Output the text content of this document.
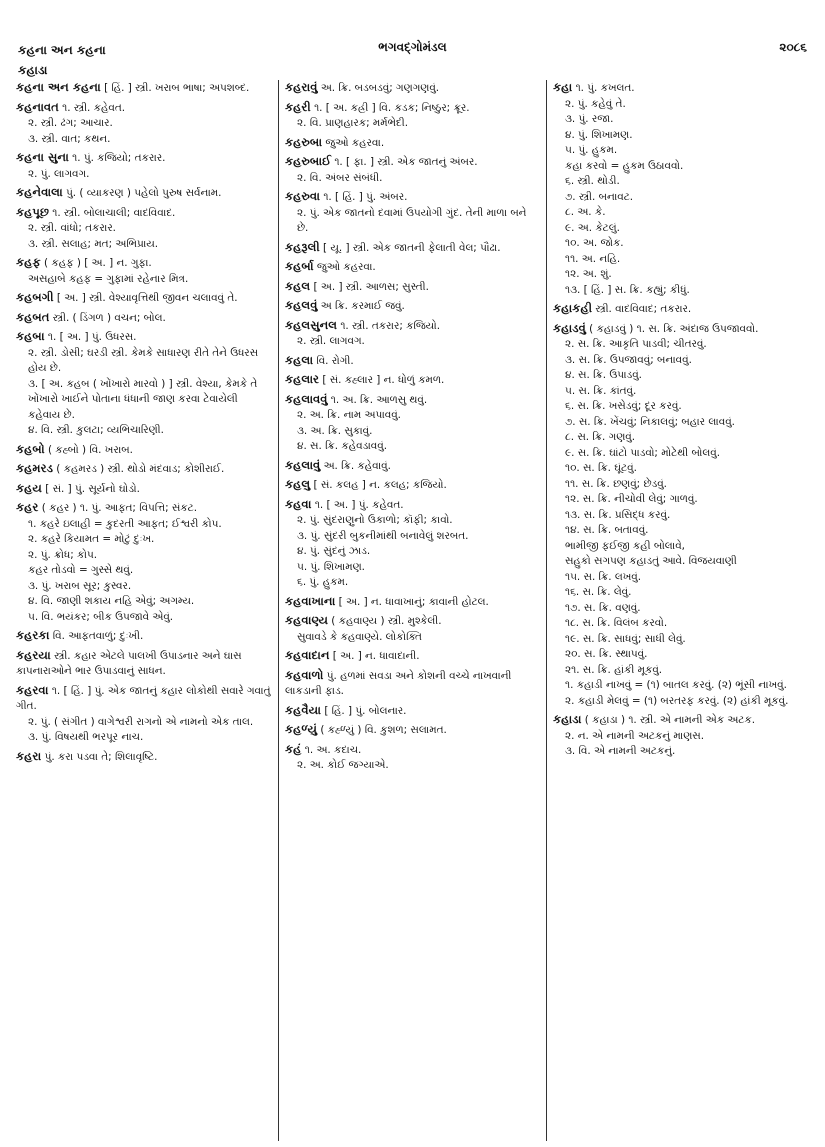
કહના અન કહના
કહાડા
ભગવદ્ગોમંડલ	૨૦૮૬
કહના અન કહના [ હિં. ] સ્ત્રી. ખરાબ ભાષા; અપશબ્દ.
કહનાવત ૧. સ્ત્રી. કહેવત.
૨. સ્ત્રી. ઢંગ; આચાર.
૩. સ્ત્રી. વાત; કથન.
કહના સુના ૧. પું. કજિયો; તકરાર.
૨. પું. લાગવગ.
કહનેવાલા પું. ( વ્યાકરણ ) પહેલો પુરુષ સર્વનામ.
કહપૂછ ૧. સ્ત્રી. બોલાચાલી; વાદવિવાદ.
૨. સ્ત્રી. વાંધો; તકરાર.
૩. સ્ત્રી. સલાહ; મત; અભિપ્રાય.
કહફ ( કહફ ) [ અ. ] ન. ગુફા.
અસહાબે કહફ = ગુફામાં રહેનાર મિત્ર.
કહબગી [ અ. ] સ્ત્રી. વેશ્યાવૃત્તિથી જીવન ચલાવવું તે.
કહબત સ્ત્રી. ( ડિંગળ ) વચન; બોલ.
કહબા ૧. [ અ. ] પું. ઉધરસ.
૨. સ્ત્રી. ડોસી; ઘરડી સ્ત્રી. કેમકે સાધારણ રીતે તેને ઉધરસ હોય છે.
૩. [ અ. કહબ ( ખોંખારો મારવો ) ] સ્ત્રી. વેશ્યા, કેમકે તે ખોંખારો ખાઈને પોતાના ધંધાની જાણ કરવા ટેવાયેલી કહેવાય છે.
૪. વિ. સ્ત્રી. કુલટા; વ્યભિચારિણી.
કહબો ( કહ્બો ) વિ. ખરાબ.
કહમરડ ( કહમરડ ) સ્ત્રી. થોડો મંદવાડ; કોશીરાઈ.
કહય [ સં. ] પું. સૂર્યનો ઘોડો.
કહર ( કહર ) ૧. પું. આફત; વિપત્તિ; સંકટ.
૧. કહરે ઇલાહી = કુદરતી આફત; ઈશ્વરી કોપ.
૨. કહરે કિયામત = મોટું દુઃખ.
૨. પું. ક્રોધ; કોપ.
કહર તોડવો = ગુસ્સે થવું.
૩. પું. ખરાબ સૂર; કુસ્વર.
૪. વિ. જાણી શકાય નહિ એવું; અગમ્ય.
૫. વિ. ભયંકર; બીક ઉપજાવે એવું.
કહરકા વિ. આફતવાળું; દુઃખી.
કહરયા સ્ત્રી. કહાર એટલે પાલખી ઉપાડનાર અને ઘાસ કાપનારાઓને ભાર ઉપાડવાનું સાધન.
કહરવા ૧. [ હિં. ] પું. એક જાતનું કહાર લોકોથી સવારે ગવાતું ગીત.
૨. પું. ( સંગીત ) વાગેશ્વરી રાગનો એ નામનો એક તાલ.
૩. પું. વિષયથી ભરપૂર નાચ.
કહરા પું. કરા પડવા તે; શિલાવૃષ્ટિ.
કહરાવું અ. ક્રિ. બડબડવું; ગણગણવું.
કહરી ૧. [ અ. કહ્રી ] વિ. કડક; નિષ્ઠુર; ક્રૂર.
૨. વિ. પ્રાણહારક; મર્મભેદી.
કહરુબા જુઓ કહરવા.
કહરુબાઈ ૧. [ ફા. ] સ્ત્રી. એક જાતનું અંબર.
૨. વિ. અંબર સંબંધી.
કહરુવા ૧. [ હિં. ] પું. અંબર.
૨. પું. એક જાતનો દવામાં ઉપયોગી ગુંદ. તેની માળા બને છે.
કહરૂલી [ યૂ. ] સ્ત્રી. એક જાતની ફેલાતી વેલ; પૌઢા.
કહર્બા જુઓ કહરવા.
કહલ [ અ. ] સ્ત્રી. આળસ; સુસ્તી.
કહલવું અ ક્રિ. કરમાઈ જવું.
કહલસુનલ ૧. સ્ત્રી. તકરાર; કજિયો.
૨. સ્ત્રી. લાગવગ.
કહલા વિ. રોગી.
કહલાર [ સં. કહ્લાર ] ન. ધોળું કમળ.
કહલાવવું ૧. અ. ક્રિ. આળસુ થવું.
૨. અ. ક્રિ. નામ અપાવવું.
૩. અ. ક્રિ. સુકાવું.
૪. સ. ક્રિ. કહેવડાવવું.
કહલાવું અ. ક્રિ. કહેવાવું.
કહલુ [ સં. કલહ ] ન. કલહ; કજિયો.
કહવા ૧. [ અ. ] પું. કહેવત.
૨. પું. સુંદરાણુનો ઉકાળો; કૉફી; કાવો.
૩. પું. સુંદરી બુકનીમાંથી બનાવેલું શરબત.
૪. પું. સુંદનું ઝાડ.
૫. પું. શિખામણ.
૬. પું. હુકમ.
કહવાખાના [ અ. ] ન. ધાવાખાનું; કાવાની હોટલ.
કહવાણ્ય ( કહવાણ્ય ) સ્ત્રી. મુશ્કેલી.
સુવાવડે કે કહવાણ્યે. લોકોક્તિ
કહવાદાન [ અ. ] ન. ધાવાદાની.
કહવાળો પું. હળમાં સવડા અને કોશની વચ્ચે નાખવાની લાકડાની ફાડ.
કહવૈયા [ હિં. ] પું. બોલનાર.
કહળ્યું ( કહ્ળ્યું ) વિ. કુશળ; સલામત.
કહં ૧. અ. કદાચ.
૨. અ. કોઈ જગ્યાએ.
કહા ૧. પું. કખલત.
૨. પું. કહેવું તે.
૩. પું. રજા.
૪. પું. શિખામણ.
૫. પું. હુકમ.
કહા કરવો = હુકમ ઉઠાવવો.
૬. સ્ત્રી. થોડી.
૭. સ્ત્રી. બનાવટ.
૮. અ. કે.
૯. અ. કેટલું.
૧૦. અ. જોક.
૧૧. અ. નહિ.
૧૨. અ. શું.
૧૩. [ હિં. ] સ. ક્રિ. કહ્યું; કીધું.
કહાકહી સ્ત્રી. વાદવિવાદ; તકરાર.
કહાડવું ( કહાડવું ) ૧. સ. ક્રિ. અંદાજ ઉપજાવવો.
૨. સ. ક્રિ. આકૃતિ પાડવી; ચીતરવું.
૩. સ. ક્રિ. ઉપજાવવું; બનાવવું.
૪. સ. ક્રિ. ઉપાડવું.
૫. સ. ક્રિ. કાંતવું.
૬. સ. ક્રિ. ખસેડવું; દૂર કરવું.
૭. સ. ક્રિ. ખેંચવું; નિકાલવું; બહાર લાવવું.
૮. સ. ક્રિ. ગણવું.
૯. સ. ક્રિ. ઘાંટો પાડવો; મોટેથી બોલવું.
૧૦. સ. ક્રિ. ઘૂંટવું.
૧૧. સ. ક્રિ. છણવું; છેડવું.
૧૨. સ. ક્રિ. નીચોવી લેવું; ગાળવું.
૧૩. સ. ક્રિ. પ્રસિદ્ધ કરવું.
૧૪. સ. ક્રિ. બતાવવું.
ભામીજી ફઈજી કહી બોલાવે,
સહુકો સગપણ કહાડતું આવે. વિજયવાણી
૧૫. સ. ક્રિ. લખવું.
૧૬. સ. ક્રિ. લેવું.
૧૭. સ. ક્રિ. વણવું.
૧૮. સ. ક્રિ. વિલંબ કરવો.
૧૯. સ. ક્રિ. સાધવું; સાધી લેવું.
૨૦. સ. ક્રિ. સ્થાપવું.
૨૧. સ. ક્રિ. હાંકી મૂકવું.
૧. કહાડી નાખવું = (૧) બાતલ કરવું. (૨) ભૂંસી નાખવું.
૨. કહાડી મેલવું = (૧) બરતરફ કરવું. (૨) હાંકી મૂકવું.
કહાડા ( કહાડા ) ૧. સ્ત્રી. એ નામની એક અટક.
૨. ન. એ નામની અટકનું માણસ.
૩. વિ. એ નામની અટકનું.
